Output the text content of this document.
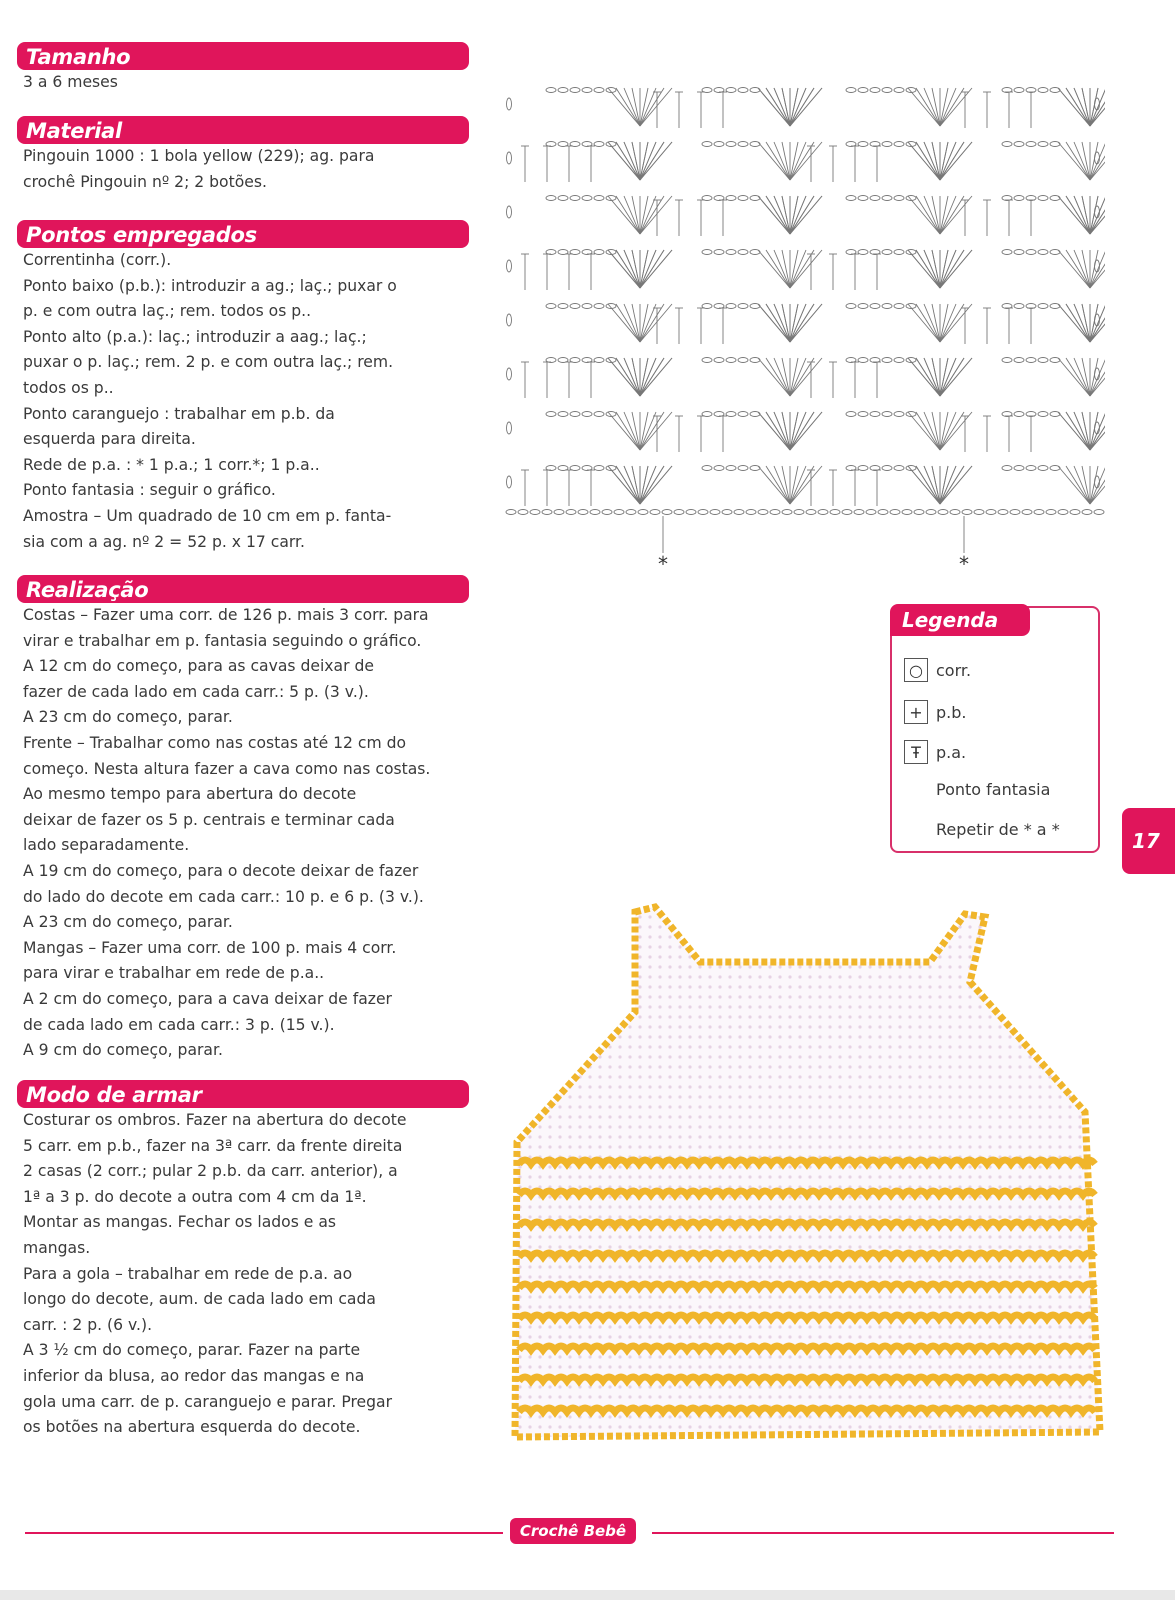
Tamanho

3 a 6 meses

Material

Pingouin 1000 : 1 bola yellow (229); ag. para

crochê Pingouin nº 2; 2 botões.

Pontos empregados

Correntinha (corr.).

Ponto baixo (p.b.): introduzir a ag.; laç.; puxar o

p. e com outra laç.; rem. todos os p..

Ponto alto (p.a.): laç.; introduzir a aag.; laç.;

puxar o p. laç.; rem. 2 p. e com outra laç.; rem.

todos os p..

Ponto caranguejo : trabalhar em p.b. da

esquerda para direita.

Rede de p.a. : * 1 p.a.; 1 corr.*; 1 p.a..

Ponto fantasia : seguir o gráfico.

Amostra – Um quadrado de 10 cm em p. fanta-

sia com a ag. nº 2 = 52 p. x 17 carr.

Realização

Costas – Fazer uma corr. de 126 p. mais 3 corr. para

virar e trabalhar em p. fantasia seguindo o gráfico.

A 12 cm do começo, para as cavas deixar de

fazer de cada lado em cada carr.: 5 p. (3 v.).

A 23 cm do começo, parar.

Frente – Trabalhar como nas costas até 12 cm do

começo. Nesta altura fazer a cava como nas costas.

Ao mesmo tempo para abertura do decote

deixar de fazer os 5 p. centrais e terminar cada

lado separadamente.

A 19 cm do começo, para o decote deixar de fazer

do lado do decote em cada carr.: 10 p. e 6 p. (3 v.).

A 23 cm do começo, parar.

Mangas – Fazer uma corr. de 100 p. mais 4 corr.

para virar e trabalhar em rede de p.a..

A 2 cm do começo, para a cava deixar de fazer

de cada lado em cada carr.: 3 p. (15 v.).

A 9 cm do começo, parar.

Modo de armar

Costurar os ombros. Fazer na abertura do decote

5 carr. em p.b., fazer na 3ª carr. da frente direita

2 casas (2 corr.; pular 2 p.b. da carr. anterior), a

1ª a 3 p. do decote a outra com 4 cm da 1ª.

Montar as mangas. Fechar os lados e as

mangas.

Para a gola – trabalhar em rede de p.a. ao

longo do decote, aum. de cada lado em cada

carr. : 2 p. (6 v.).

A 3 ½ cm do começo, parar. Fazer na parte

inferior da blusa, ao redor das mangas e na

gola uma carr. de p. caranguejo e parar. Pregar

os botões na abertura esquerda do decote.

*	*
Legenda
○ corr.
+ p.b.
Ŧ p.a.
Ponto fantasia
Repetir de * a *	17
Crochê Bebê
